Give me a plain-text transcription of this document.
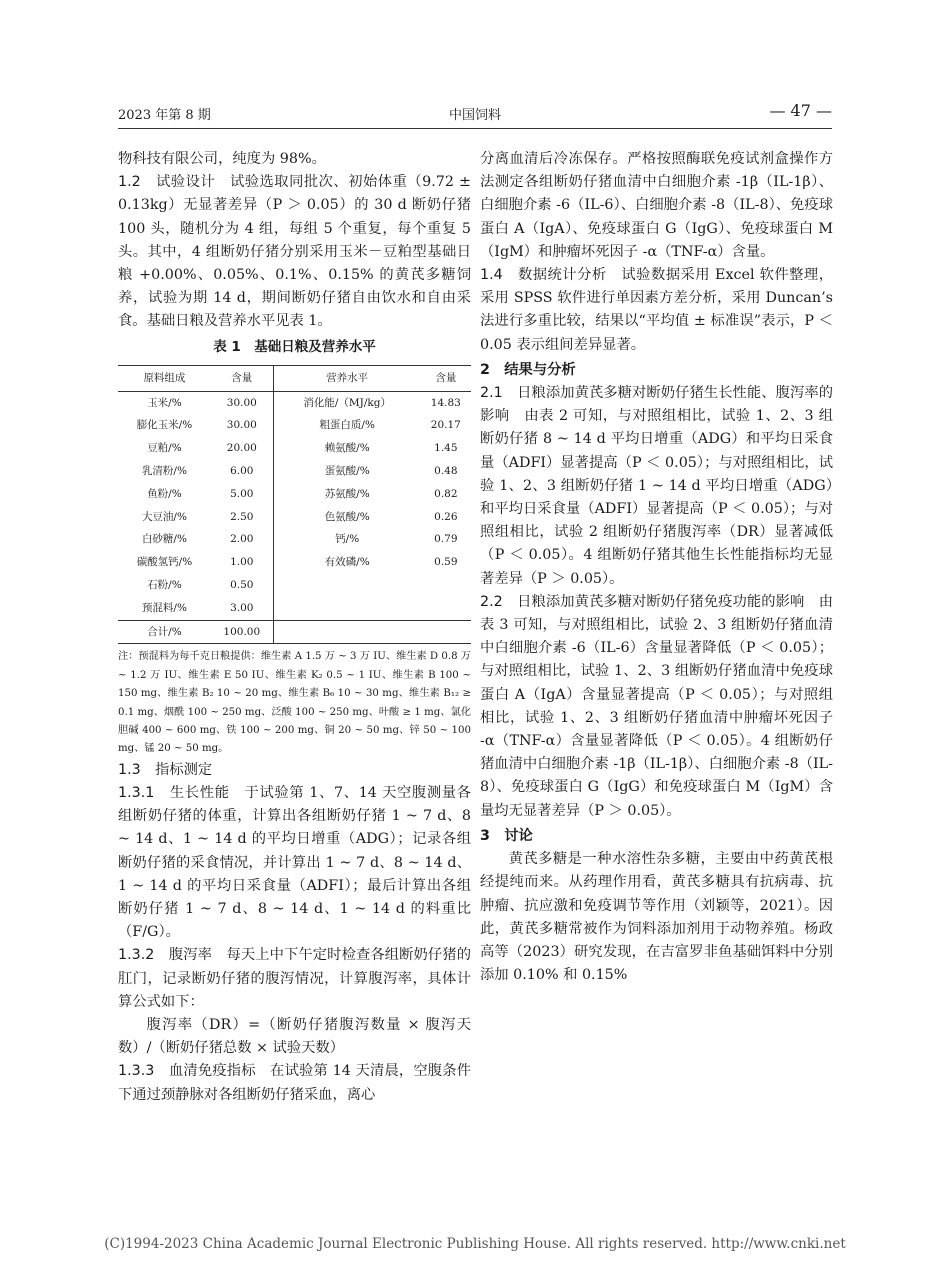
2023 年第 8 期	中国饲料	— 47 —

物科技有限公司，纯度为 98%。

1.2　试验设计　试验选取同批次、初始体重（9.72 ± 0.13kg）无显著差异（P ＞ 0.05）的 30 d 断奶仔猪 100 头，随机分为 4 组，每组 5 个重复，每个重复 5 头。其中，4 组断奶仔猪分别采用玉米－豆粕型基础日粮 +0.00%、0.05%、0.1%、0.15% 的黄芪多糖饲养，试验为期 14 d，期间断奶仔猪自由饮水和自由采食。基础日粮及营养水平见表 1。

表 1　基础日粮及营养水平

原料组成	含量	营养水平	含量
玉米/%	30.00	消化能/（MJ/kg）	14.83
膨化玉米/%	30.00	粗蛋白质/%	20.17
豆粕/%	20.00	赖氨酸/%	1.45
乳清粉/%	6.00	蛋氨酸/%	0.48
鱼粉/%	5.00	苏氨酸/%	0.82
大豆油/%	2.50	色氨酸/%	0.26
白砂糖/%	2.00	钙/%	0.79
碳酸氢钙/%	1.00	有效磷/%	0.59
石粉/%	0.50		
预混料/%	3.00		
合计/%	100.00		

注：预混料为每千克日粮提供：维生素 A 1.5 万 ~ 3 万 IU、维生素 D 0.8 万 ~ 1.2 万 IU、维生素 E 50 IU、维生素 K₂ 0.5 ~ 1 IU、维生素 B 100 ~ 150 mg、维生素 B₂ 10 ~ 20 mg、维生素 B₆ 10 ~ 30 mg、维生素 B₁₂ ≥ 0.1 mg、烟酰 100 ~ 250 mg、泛酸 100 ~ 250 mg、叶酸 ≥ 1 mg、氯化胆碱 400 ~ 600 mg、铁 100 ~ 200 mg、铜 20 ~ 50 mg、锌 50 ~ 100 mg、锰 20 ~ 50 mg。

1.3　指标测定

1.3.1　生长性能　于试验第 1、7、14 天空腹测量各组断奶仔猪的体重，计算出各组断奶仔猪 1 ~ 7 d、8 ~ 14 d、1 ~ 14 d 的平均日增重（ADG）；记录各组断奶仔猪的采食情况，并计算出 1 ~ 7 d、8 ~ 14 d、1 ~ 14 d 的平均日采食量（ADFI）；最后计算出各组断奶仔猪 1 ~ 7 d、8 ~ 14 d、1 ~ 14 d 的料重比（F/G）。

1.3.2　腹泻率　每天上中下午定时检查各组断奶仔猪的肛门，记录断奶仔猪的腹泻情况，计算腹泻率，具体计算公式如下：

腹泻率（DR）=（断奶仔猪腹泻数量 × 腹泻天数）/（断奶仔猪总数 × 试验天数）

1.3.3　血清免疫指标　在试验第 14 天清晨，空腹条件下通过颈静脉对各组断奶仔猪采血，离心

分离血清后冷冻保存。严格按照酶联免疫试剂盒操作方法测定各组断奶仔猪血清中白细胞介素 -1β（IL-1β）、白细胞介素 -6（IL-6）、白细胞介素 -8（IL-8）、免疫球蛋白 A（IgA）、免疫球蛋白 G（IgG）、免疫球蛋白 M（IgM）和肿瘤坏死因子 -α（TNF-α）含量。

1.4　数据统计分析　试验数据采用 Excel 软件整理，采用 SPSS 软件进行单因素方差分析，采用 Duncan’s 法进行多重比较，结果以“平均值 ± 标准误”表示，P ＜ 0.05 表示组间差异显著。

2　结果与分析

2.1　日粮添加黄芪多糖对断奶仔猪生长性能、腹泻率的影响　由表 2 可知，与对照组相比，试验 1、2、3 组断奶仔猪 8 ~ 14 d 平均日增重（ADG）和平均日采食量（ADFI）显著提高（P ＜ 0.05）；与对照组相比，试验 1、2、3 组断奶仔猪 1 ~ 14 d 平均日增重（ADG）和平均日采食量（ADFI）显著提高（P ＜ 0.05）；与对照组相比，试验 2 组断奶仔猪腹泻率（DR）显著减低（P ＜ 0.05）。4 组断奶仔猪其他生长性能指标均无显著差异（P ＞ 0.05）。

2.2　日粮添加黄芪多糖对断奶仔猪免疫功能的影响　由表 3 可知，与对照组相比，试验 2、3 组断奶仔猪血清中白细胞介素 -6（IL-6）含量显著降低（P ＜ 0.05）；与对照组相比，试验 1、2、3 组断奶仔猪血清中免疫球蛋白 A（IgA）含量显著提高（P ＜ 0.05）；与对照组相比，试验 1、2、3 组断奶仔猪血清中肿瘤坏死因子 -α（TNF-α）含量显著降低（P ＜ 0.05）。4 组断奶仔猪血清中白细胞介素 -1β（IL-1β）、白细胞介素 -8（IL-8）、免疫球蛋白 G（IgG）和免疫球蛋白 M（IgM）含量均无显著差异（P ＞ 0.05）。

3　讨论

黄芪多糖是一种水溶性杂多糖，主要由中药黄芪根经提纯而来。从药理作用看，黄芪多糖具有抗病毒、抗肿瘤、抗应激和免疫调节等作用（刘颖等，2021）。因此，黄芪多糖常被作为饲料添加剂用于动物养殖。杨政高等（2023）研究发现，在吉富罗非鱼基础饵料中分别添加 0.10% 和 0.15%

(C)1994-2023 China Academic Journal Electronic Publishing House. All rights reserved. http://www.cnki.net
